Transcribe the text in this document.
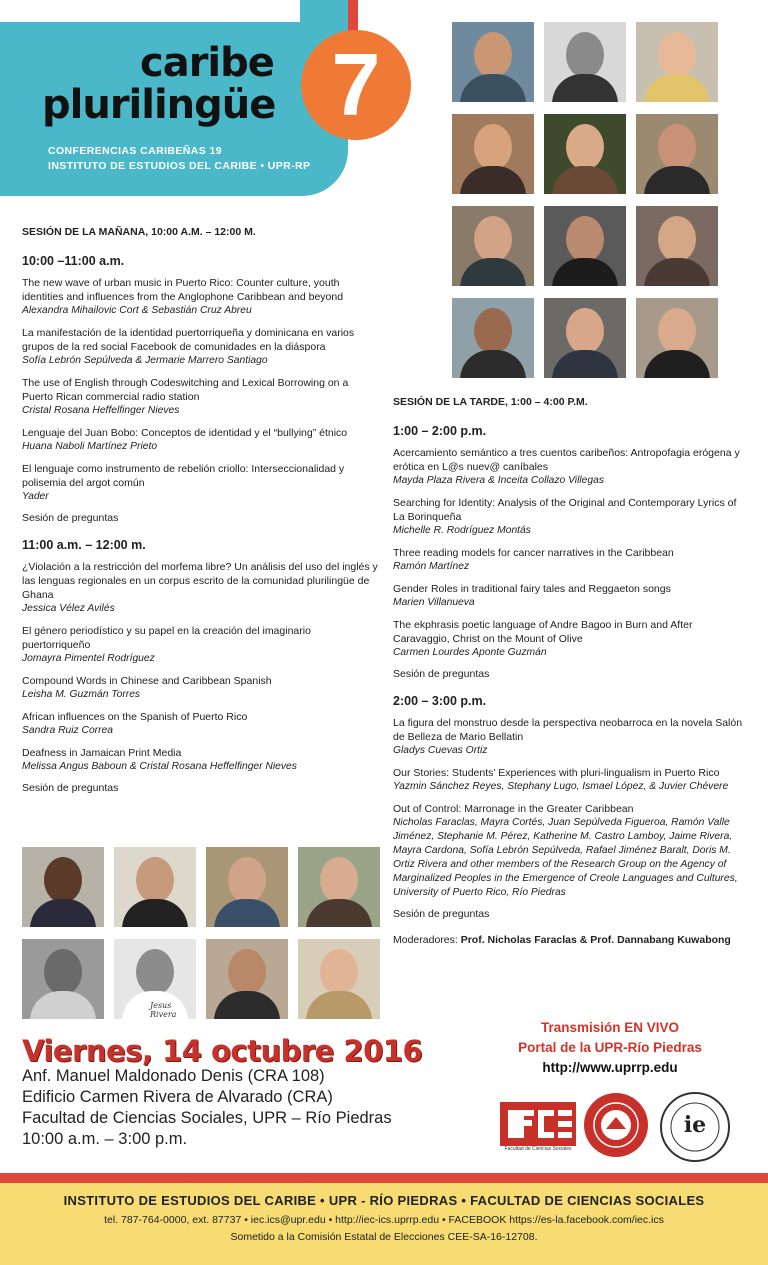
7
caribe
plurilingüe
CONFERENCIAS CARIBEÑAS 19
INSTITUTO DE ESTUDIOS DEL CARIBE • UPR-RP
SESIÓN DE LA MAÑANA, 10:00 A.M. – 12:00 M.
10:00 –11:00 a.m.
The new wave of urban music in Puerto Rico: Counter culture, youth identities and influences from the Anglophone Caribbean and beyond
Alexandra Mihailovic Cort & Sebastián Cruz Abreu
La manifestación de la identidad puertorriqueña y dominicana en varios grupos de la red social Facebook de comunidades en la diáspora
Sofía Lebrón Sepúlveda & Jermarie Marrero Santiago
The use of English through Codeswitching and Lexical Borrowing on a Puerto Rican commercial radio station
Cristal Rosana Heffelfinger Nieves
Lenguaje del Juan Bobo: Conceptos de identidad y el “bullying” étnico
Huana Naboli Martínez Prieto
El lenguaje como instrumento de rebelión criollo: Interseccionalidad y polisemia del argot común
Yader
Sesión de preguntas
11:00 a.m. – 12:00 m.
¿Violación a la restricción del morfema libre? Un análisis del uso del inglés y las lenguas regionales en un corpus escrito de la comunidad plurilingüe de Ghana
Jessica Vélez Avilés
El género periodístico y su papel en la creación del imaginario puertorriqueño
Jomayra Pimentel Rodríguez
Compound Words in Chinese and Caribbean Spanish
Leisha M. Guzmán Torres
African influences on the Spanish of Puerto Rico
Sandra Ruiz Correa
Deafness in Jamaican Print Media
Melissa Angus Baboun & Cristal Rosana Heffelfinger Nieves
Sesión de preguntas
SESIÓN DE LA TARDE, 1:00 – 4:00 P.M.
1:00 – 2:00 p.m.
Acercamiento semántico a tres cuentos caribeños: Antropofagia erógena y erótica en L@s nuev@ caníbales
Mayda Plaza Rivera & Inceita Collazo Villegas
Searching for Identity: Analysis of the Original and Contemporary Lyrics of La Borinqueña
Michelle R. Rodríguez Montás
Three reading models for cancer narratives in the Caribbean
Ramón Martínez
Gender Roles in traditional fairy tales and Reggaeton songs
Marien Villanueva
The ekphrasis poetic language of Andre Bagoo in Burn and After Caravaggio, Christ on the Mount of Olive
Carmen Lourdes Aponte Guzmán
Sesión de preguntas
2:00 – 3:00 p.m.
La figura del monstruo desde la perspectiva neobarroca en la novela Salón de Belleza de Mario Bellatin
Gladys Cuevas Ortiz
Our Stories: Students’ Experiences with pluri-lingualism in Puerto Rico
Yazmin Sánchez Reyes, Stephany Lugo, Ismael López, & Juvier Chévere
Out of Control: Marronage in the Greater Caribbean
Nicholas Faraclas, Mayra Cortés, Juan Sepúlveda Figueroa, Ramón Valle Jiménez, Stephanie M. Pérez, Katherine M. Castro Lamboy, Jaime Rivera, Mayra Cardona, Sofía Lebrón Sepúlveda, Rafael Jiménez Baralt, Doris M. Ortiz Rivera and other members of the Research Group on the Agency of Marginalized Peoples in the Emergence of Creole Languages and Cultures, University of Puerto Rico, Río Piedras
Sesión de preguntas
Moderadores: Prof. Nicholas Faraclas & Prof. Dannabang Kuwabong
Jesus Rivera
Viernes, 14 octubre 2016
Anf. Manuel Maldonado Denis (CRA 108)
Edificio Carmen Rivera de Alvarado (CRA)
Facultad de Ciencias Sociales, UPR – Río Piedras
10:00 a.m. – 3:00 p.m.
Transmisión EN VIVO
Portal de la UPR-Río Piedras
http://www.uprrp.edu
Facultad de Ciencias Sociales
ie
INSTITUTO DE ESTUDIOS DEL CARIBE • UPR - RÍO PIEDRAS • FACULTAD DE CIENCIAS SOCIALES
tel. 787-764-0000, ext. 87737 • iec.ics@upr.edu • http://iec-ics.uprrp.edu • FACEBOOK https://es-la.facebook.com/iec.ics
Sometido a la Comisión Estatal de Elecciones CEE-SA-16-12708.
